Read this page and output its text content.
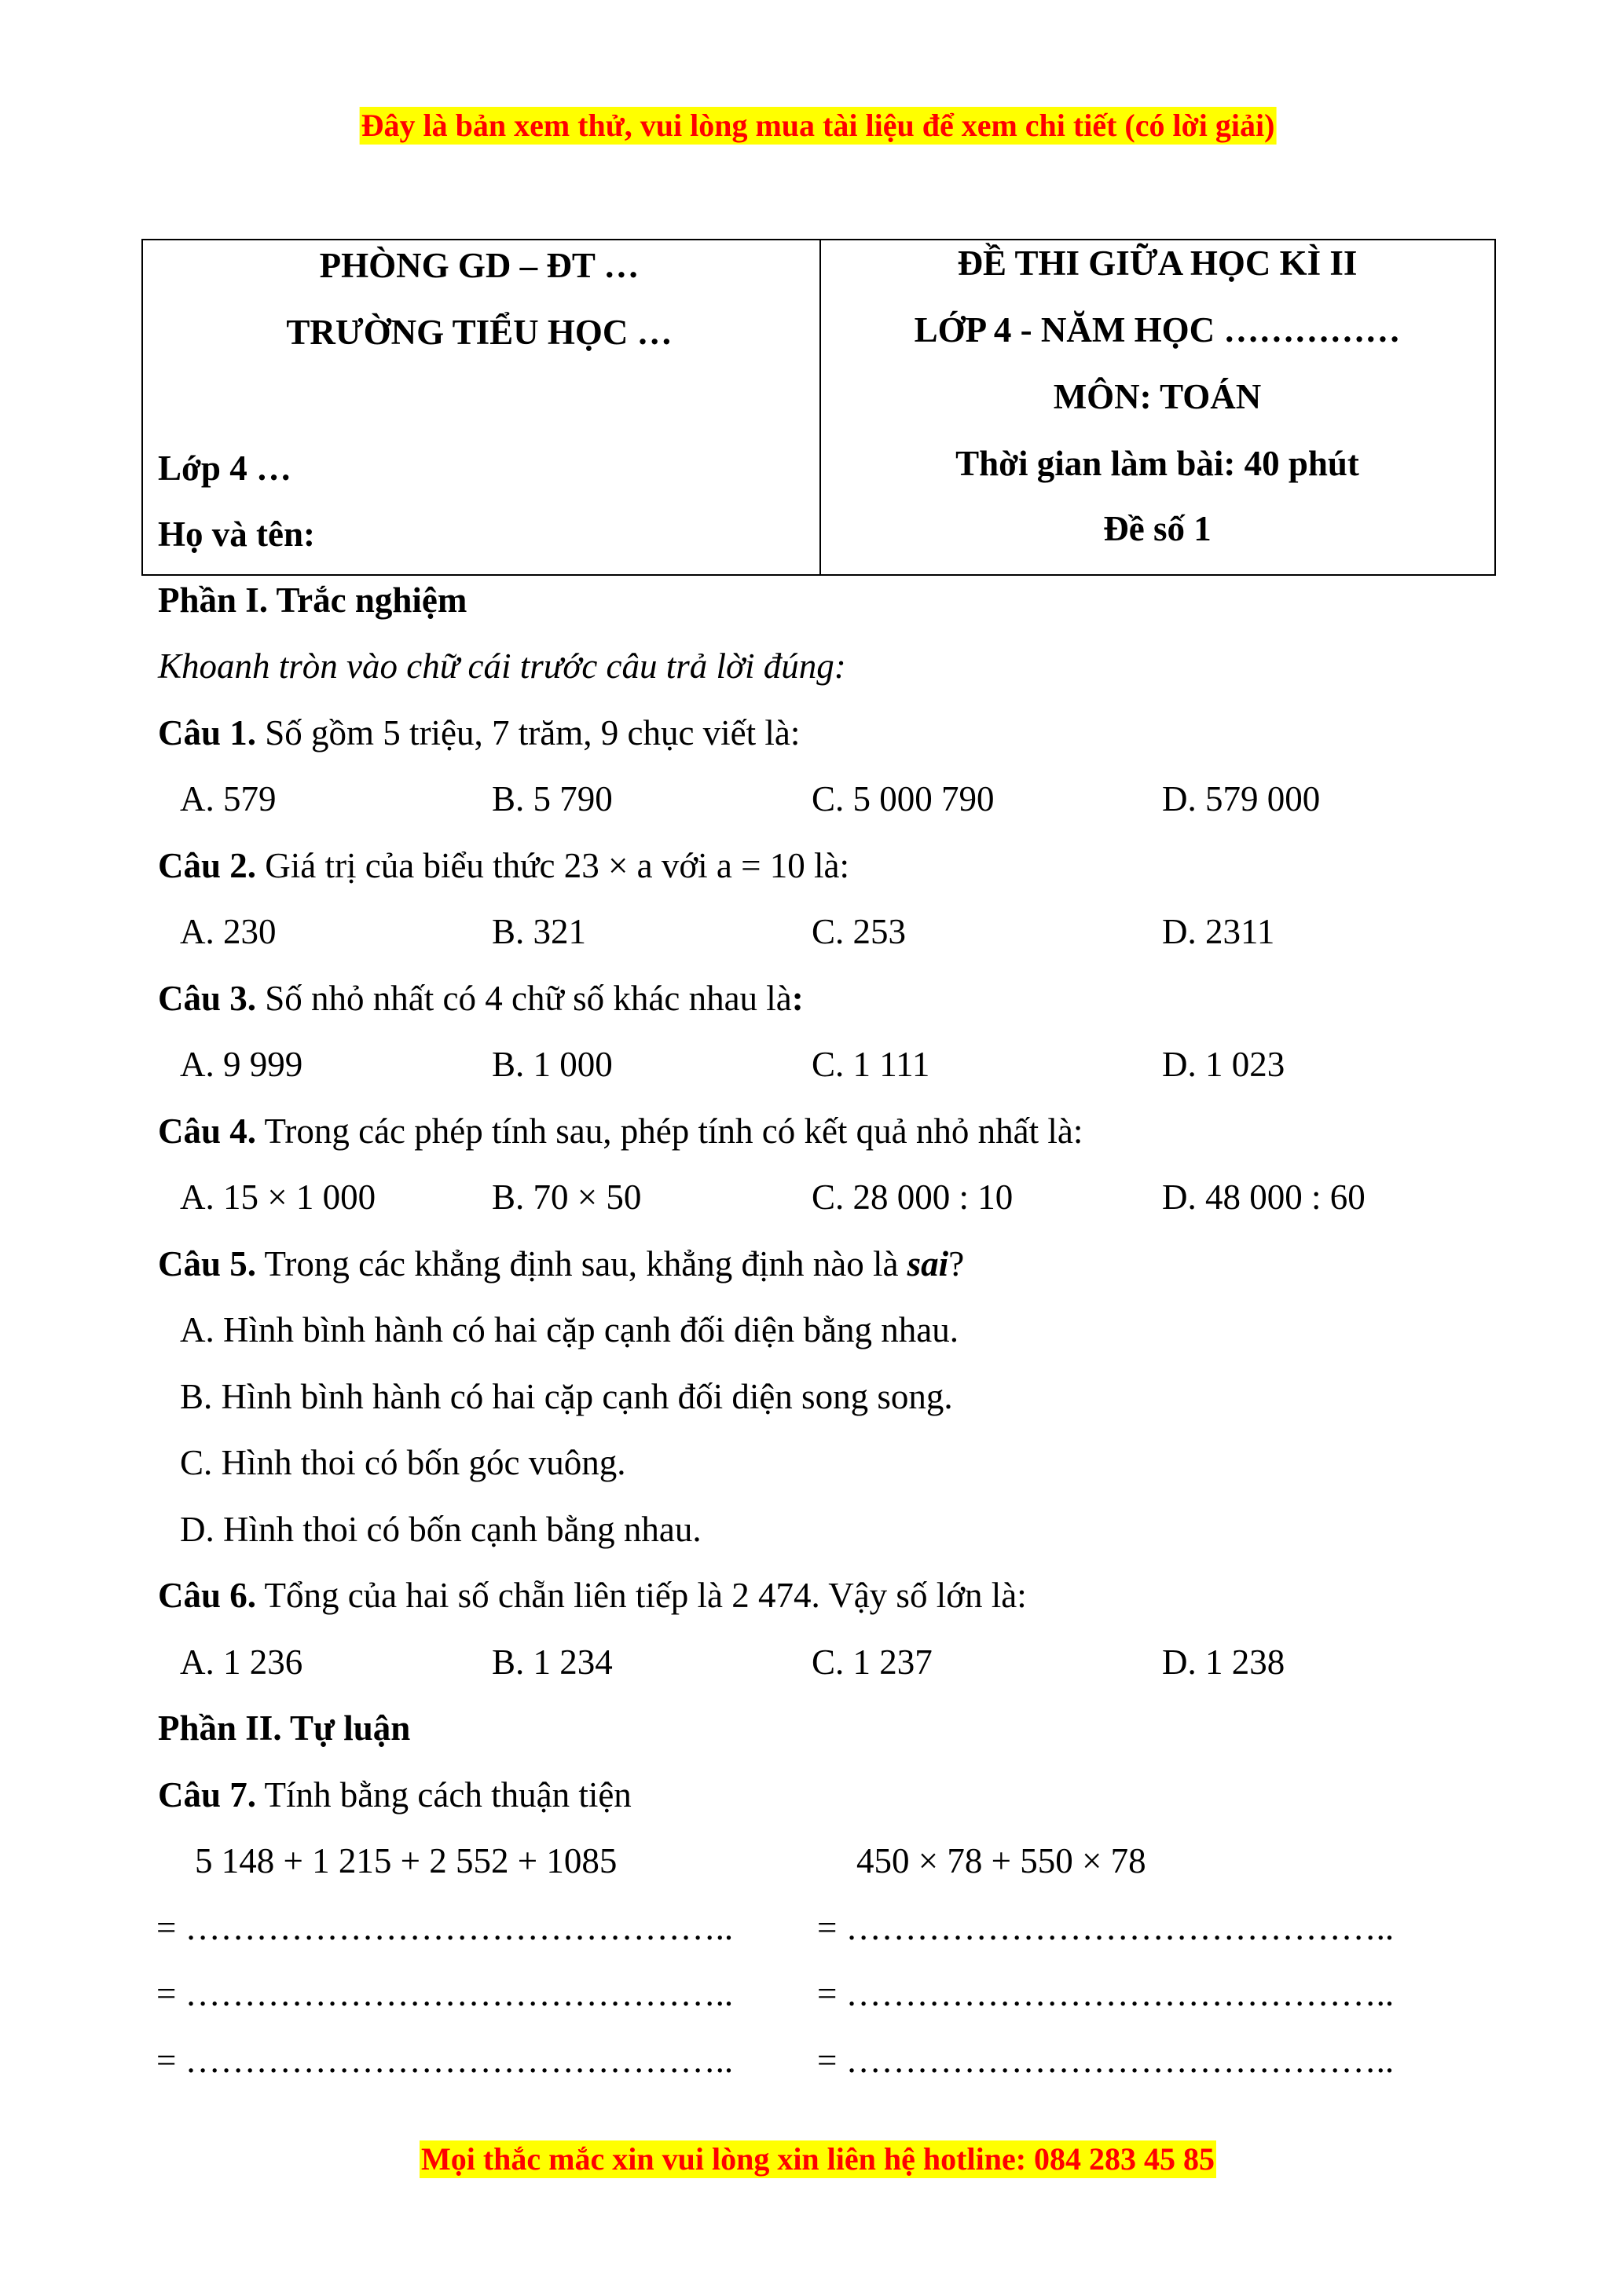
Đây là bản xem thử, vui lòng mua tài liệu để xem chi tiết (có lời giải)
PHÒNG GD – ĐT …
TRƯỜNG TIỂU HỌC …
Lớp 4 …
Họ và tên:
ĐỀ THI GIỮA HỌC KÌ II
LỚP 4 - NĂM HỌC ……………
MÔN: TOÁN
Thời gian làm bài: 40 phút
Đề số 1
Phần I. Trắc nghiệm
Khoanh tròn vào chữ cái trước câu trả lời đúng:
Câu 1. Số gồm 5 triệu, 7 trăm, 9 chục viết là:
A. 579	B. 5 790	C. 5 000 790	D. 579 000
Câu 2. Giá trị của biểu thức 23 × a với a = 10 là:
A. 230	B. 321	C. 253	D. 2311
Câu 3. Số nhỏ nhất có 4 chữ số khác nhau là:
A. 9 999	B. 1 000	C. 1 111	D. 1 023
Câu 4. Trong các phép tính sau, phép tính có kết quả nhỏ nhất là:
A. 15 × 1 000	B. 70 × 50	C. 28 000 : 10	D. 48 000 : 60
Câu 5. Trong các khẳng định sau, khẳng định nào là sai?
A. Hình bình hành có hai cặp cạnh đối diện bằng nhau.
B. Hình bình hành có hai cặp cạnh đối diện song song.
C. Hình thoi có bốn góc vuông.
D. Hình thoi có bốn cạnh bằng nhau.
Câu 6. Tổng của hai số chẵn liên tiếp là 2 474. Vậy số lớn là:
A. 1 236	B. 1 234	C. 1 237	D. 1 238
Phần II. Tự luận
Câu 7. Tính bằng cách thuận tiện
5 148 + 1 215 + 2 552 + 1085	450 × 78 + 550 × 78
= ……………………………………….. = ………………………………………..
= ……………………………………….. = ………………………………………..
= ……………………………………….. = ………………………………………..
Mọi thắc mắc xin vui lòng xin liên hệ hotline: 084 283 45 85
